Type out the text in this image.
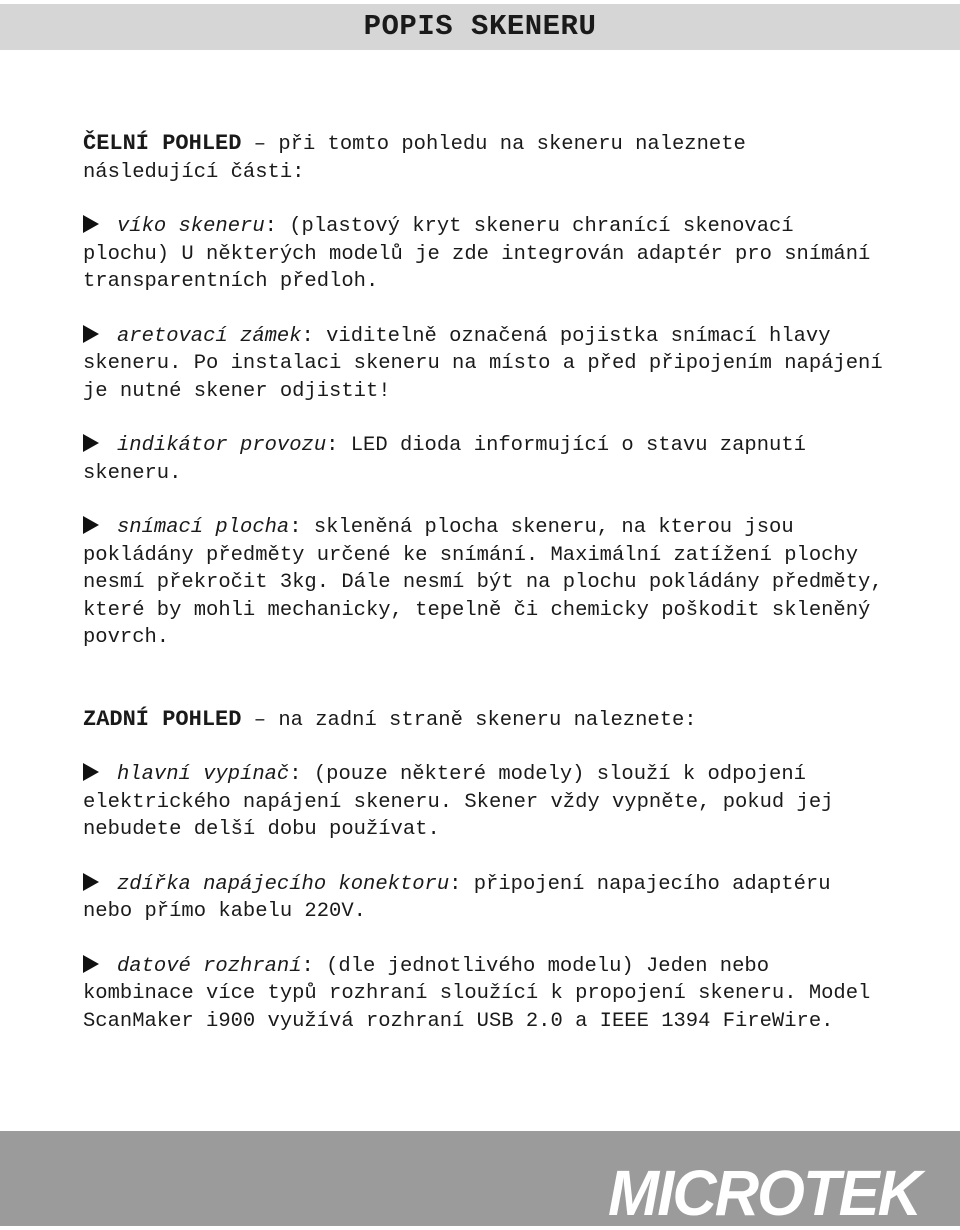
POPIS SKENERU

ČELNÍ POHLED – při tomto pohledu na skeneru naleznete následující části:

víko skeneru: (plastový kryt skeneru chranící skenovací plochu) U některých modelů je zde integrován adaptér pro snímání transparentních předloh.

aretovací zámek: viditelně označená pojistka snímací hlavy skeneru. Po instalaci skeneru na místo a před připojením napájení je nutné skener odjistit!

indikátor provozu: LED dioda informující o stavu zapnutí skeneru.

snímací plocha: skleněná plocha skeneru, na kterou jsou pokládány předměty určené ke snímání. Maximální zatížení plochy nesmí překročit 3kg. Dále nesmí být na plochu pokládány předměty, které by mohli mechanicky, tepelně či chemicky poškodit skleněný povrch.

ZADNÍ POHLED – na zadní straně skeneru naleznete:

hlavní vypínač: (pouze některé modely) slouží k odpojení elektrického napájení skeneru. Skener vždy vypněte, pokud jej nebudete delší dobu používat.

zdířka napájecího konektoru: připojení napajecího adaptéru nebo přímo kabelu 220V.

datové rozhraní: (dle jednotlivého modelu) Jeden nebo kombinace více typů rozhraní sloužící k propojení skeneru. Model ScanMaker i900 využívá rozhraní USB 2.0 a IEEE 1394 FireWire.

MICROTEK
